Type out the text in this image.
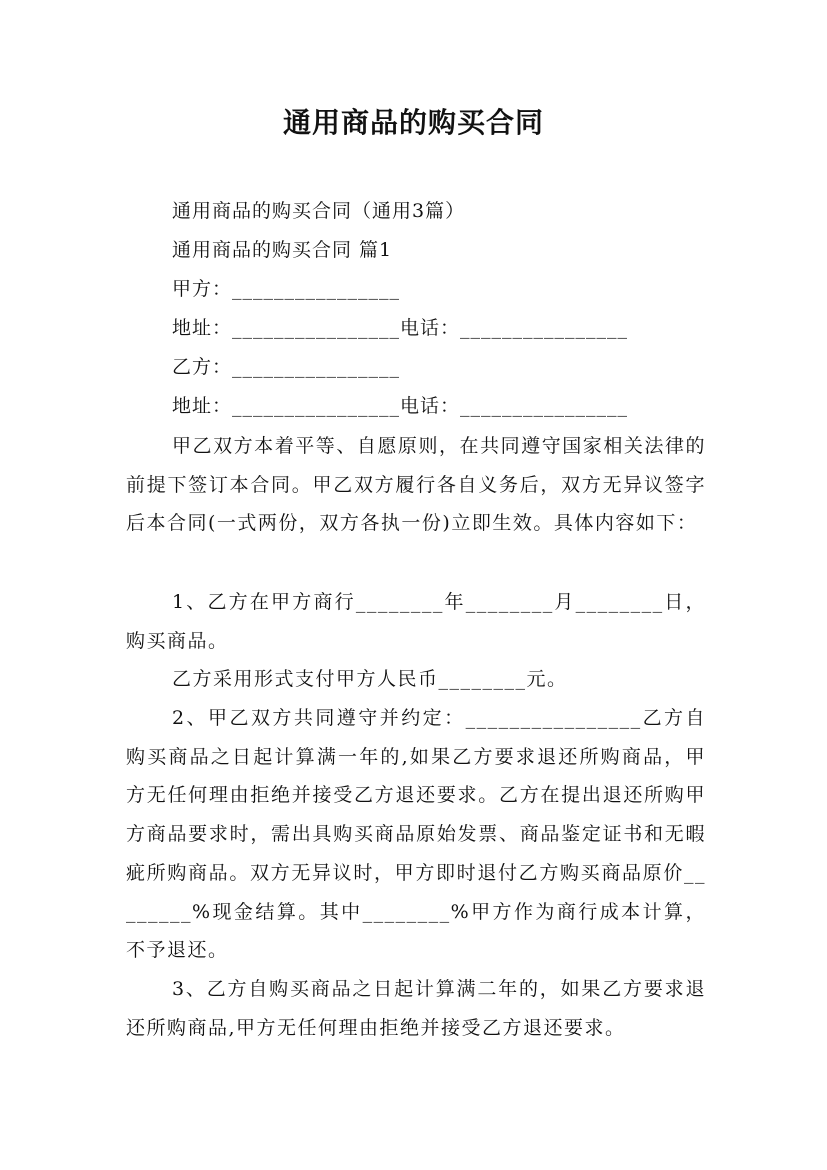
通用商品的购买合同
通用商品的购买合同（通用3篇）
通用商品的购买合同 篇1
甲方：________________
地址：________________电话：________________
乙方：________________
地址：________________电话：________________
甲乙双方本着平等、自愿原则，在共同遵守国家相关法律的前提下签订本合同。甲乙双方履行各自义务后，双方无异议签字后本合同(一式两份，双方各执一份)立即生效。具体内容如下：
1、乙方在甲方商行________年________月________日，购买商品。
乙方采用形式支付甲方人民币________元。
2、甲乙双方共同遵守并约定：________________乙方自购买商品之日起计算满一年的,如果乙方要求退还所购商品，甲方无任何理由拒绝并接受乙方退还要求。乙方在提出退还所购甲方商品要求时，需出具购买商品原始发票、商品鉴定证书和无暇疵所购商品。双方无异议时，甲方即时退付乙方购买商品原价________%现金结算。其中________%甲方作为商行成本计算，不予退还。
3、乙方自购买商品之日起计算满二年的，如果乙方要求退还所购商品,甲方无任何理由拒绝并接受乙方退还要求。
